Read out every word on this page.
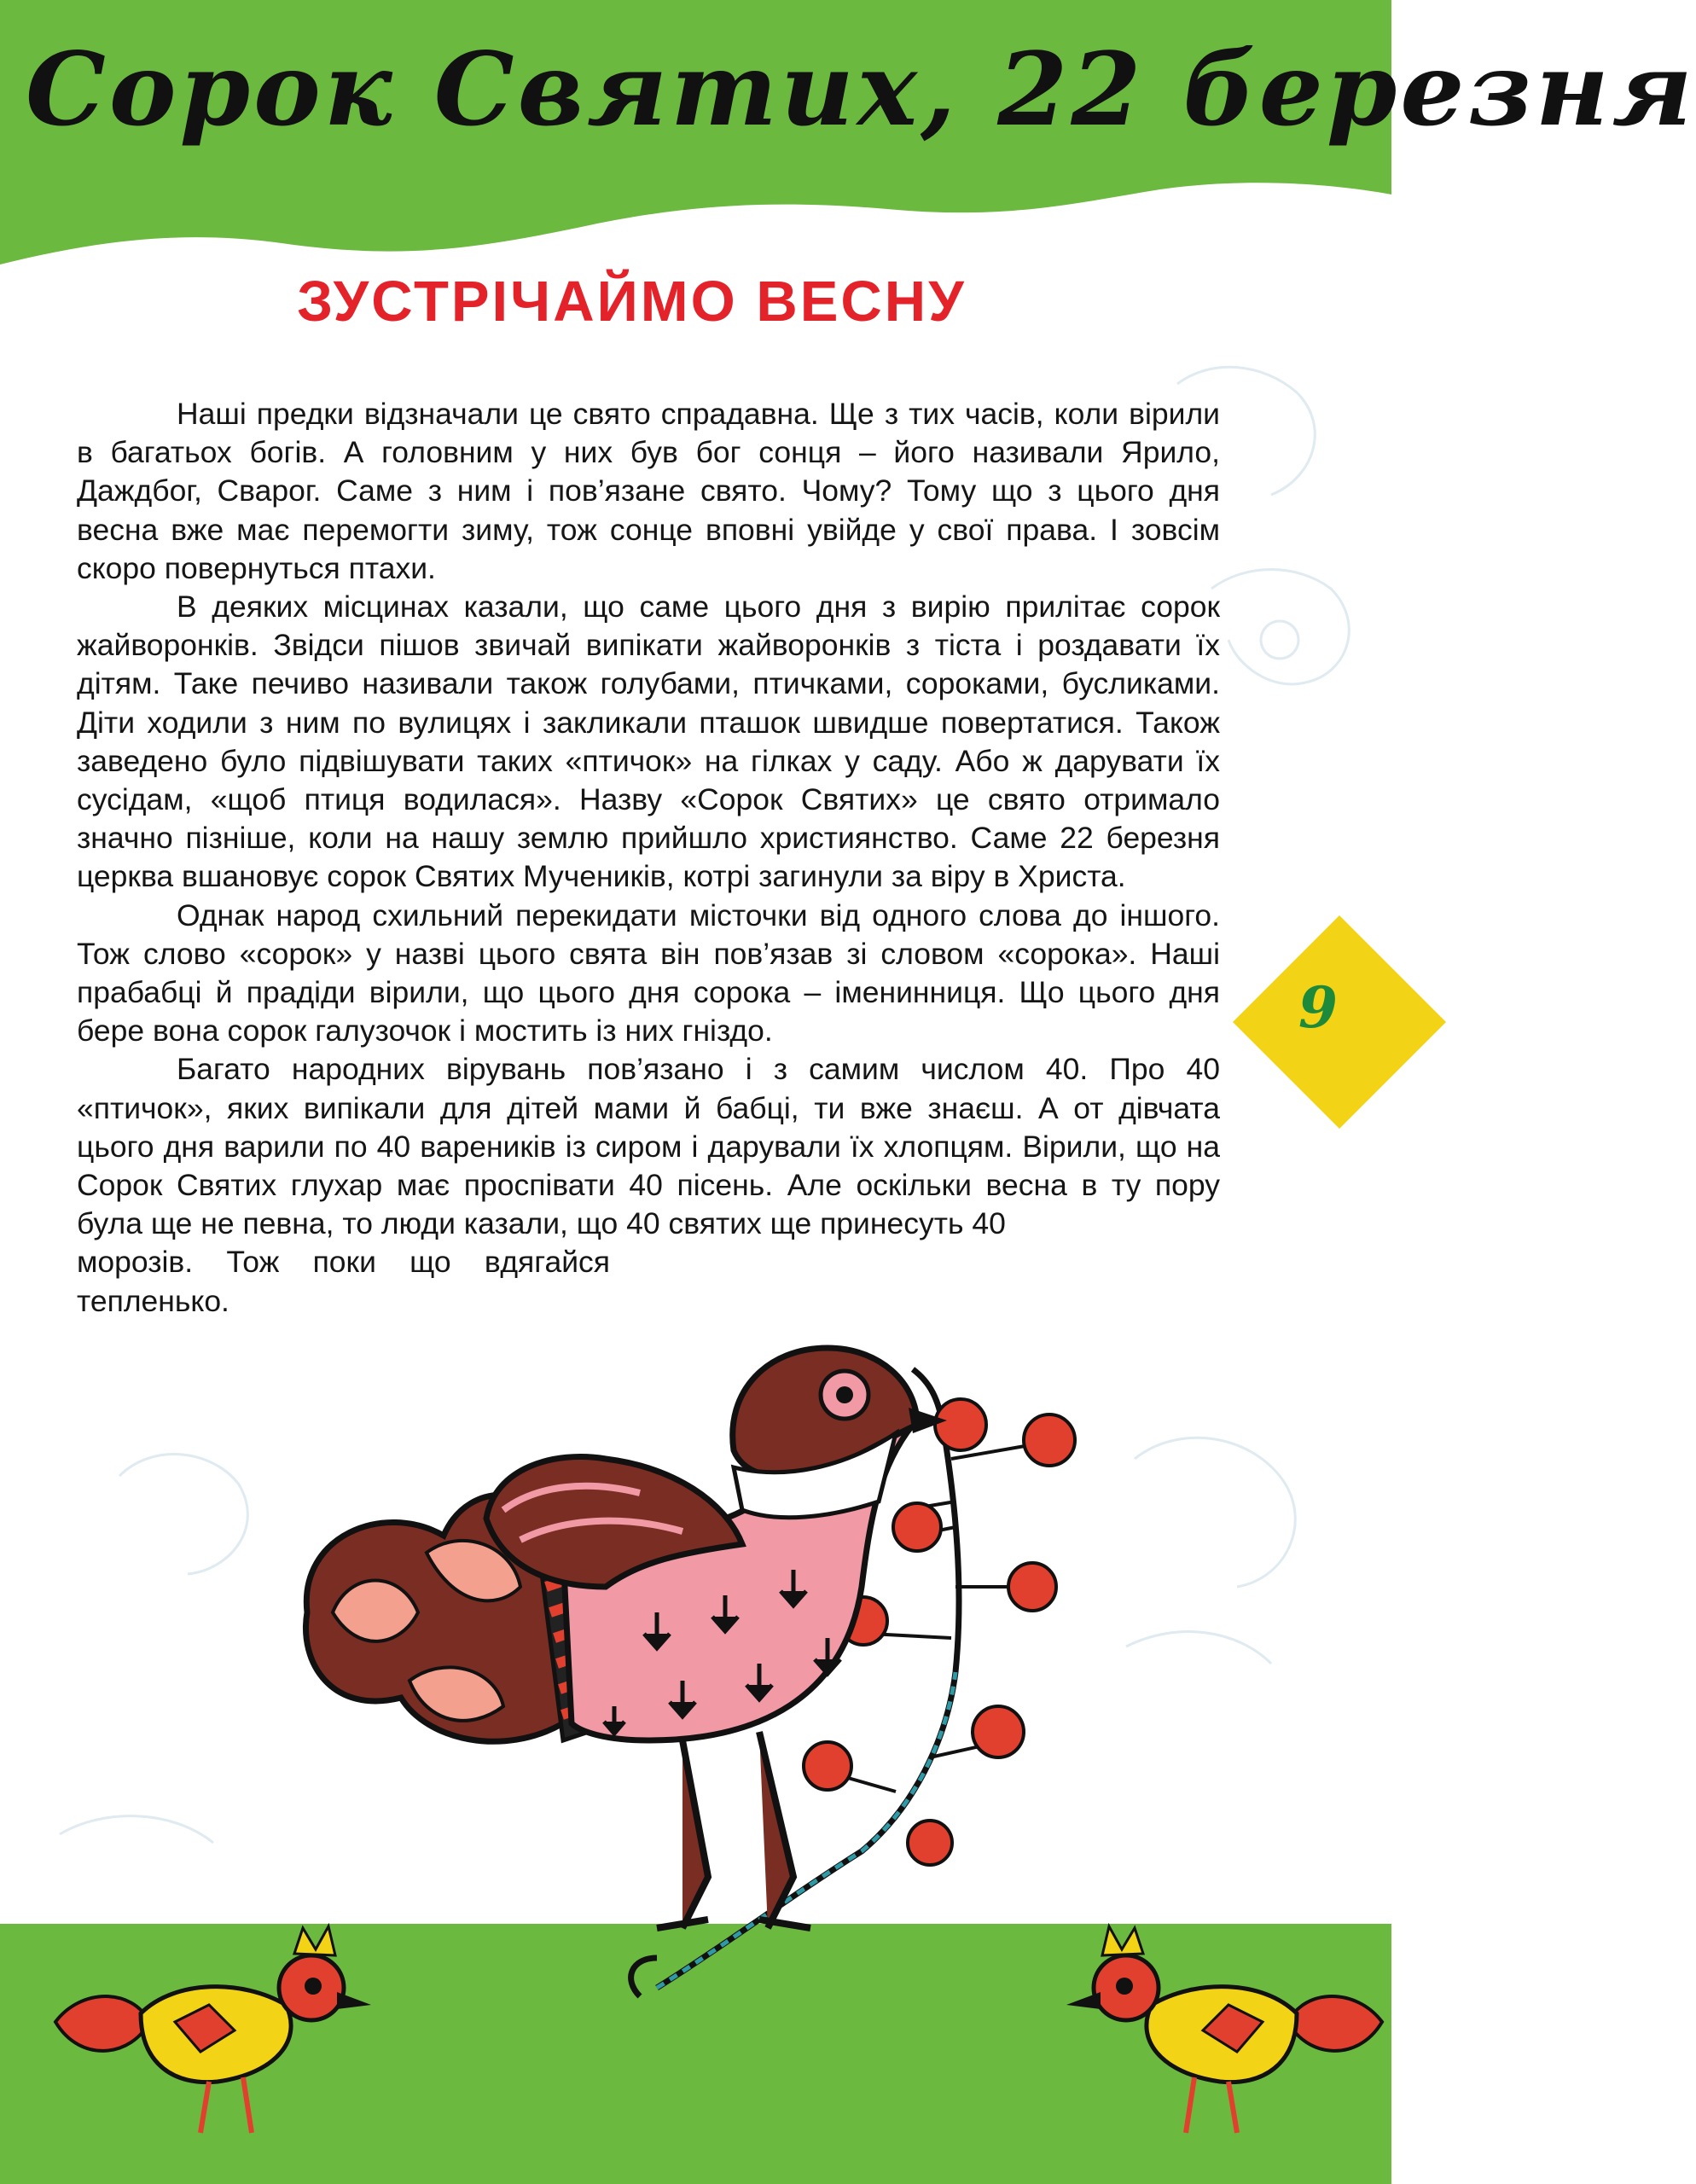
Сорок Святих, 22 березня
ЗУСТРІЧАЙМО ВЕСНУ

Наші предки відзначали це свято спрадавна. Ще з тих часів, коли вірили в багатьох богів. А головним у них був бог сонця – його називали Ярило, Даждбог, Сварог. Саме з ним і пов’язане свято. Чому? Тому що з цього дня весна вже має перемогти зиму, тож сонце вповні увійде у свої права. І зовсім скоро повернуться птахи.

В деяких місцинах казали, що саме цього дня з вирію прилітає сорок жайворонків. Звідси пішов звичай випікати жайворонків з тіста і роздавати їх дітям. Таке печиво називали також голубами, птичками, сороками, бусликами. Діти ходили з ним по вулицях і закликали пташок швидше повертатися. Також заведено було підвішувати таких «птичок» на гілках у саду. Або ж дарувати їх сусідам, «щоб птиця водилася». Назву «Сорок Святих» це свято отримало значно пізніше, коли на нашу землю прийшло християнство. Саме 22 березня церква вшановує сорок Святих Мучеників, котрі загинули за віру в Христа.

Однак народ схильний перекидати місточки від одного слова до іншого. Тож слово «сорок» у назві цього свята він пов’язав зі словом «сорока». Наші прабабці й прадіди вірили, що цього дня сорока – іменинниця. Що цього дня бере вона сорок галузочок і мостить із них гніздо.

Багато народних вірувань пов’язано і з самим числом 40. Про 40 «птичок», яких випікали для дітей мами й бабці, ти вже знаєш. А от дівчата цього дня варили по 40 вареників із сиром і дарували їх хлопцям. Вірили, що на Сорок Святих глухар має проспівати 40 пісень. Але оскільки весна в ту пору була ще не певна, то люди казали, що 40 святих ще принесуть 40

морозів. Тож поки що вдягайся тепленько.

9
